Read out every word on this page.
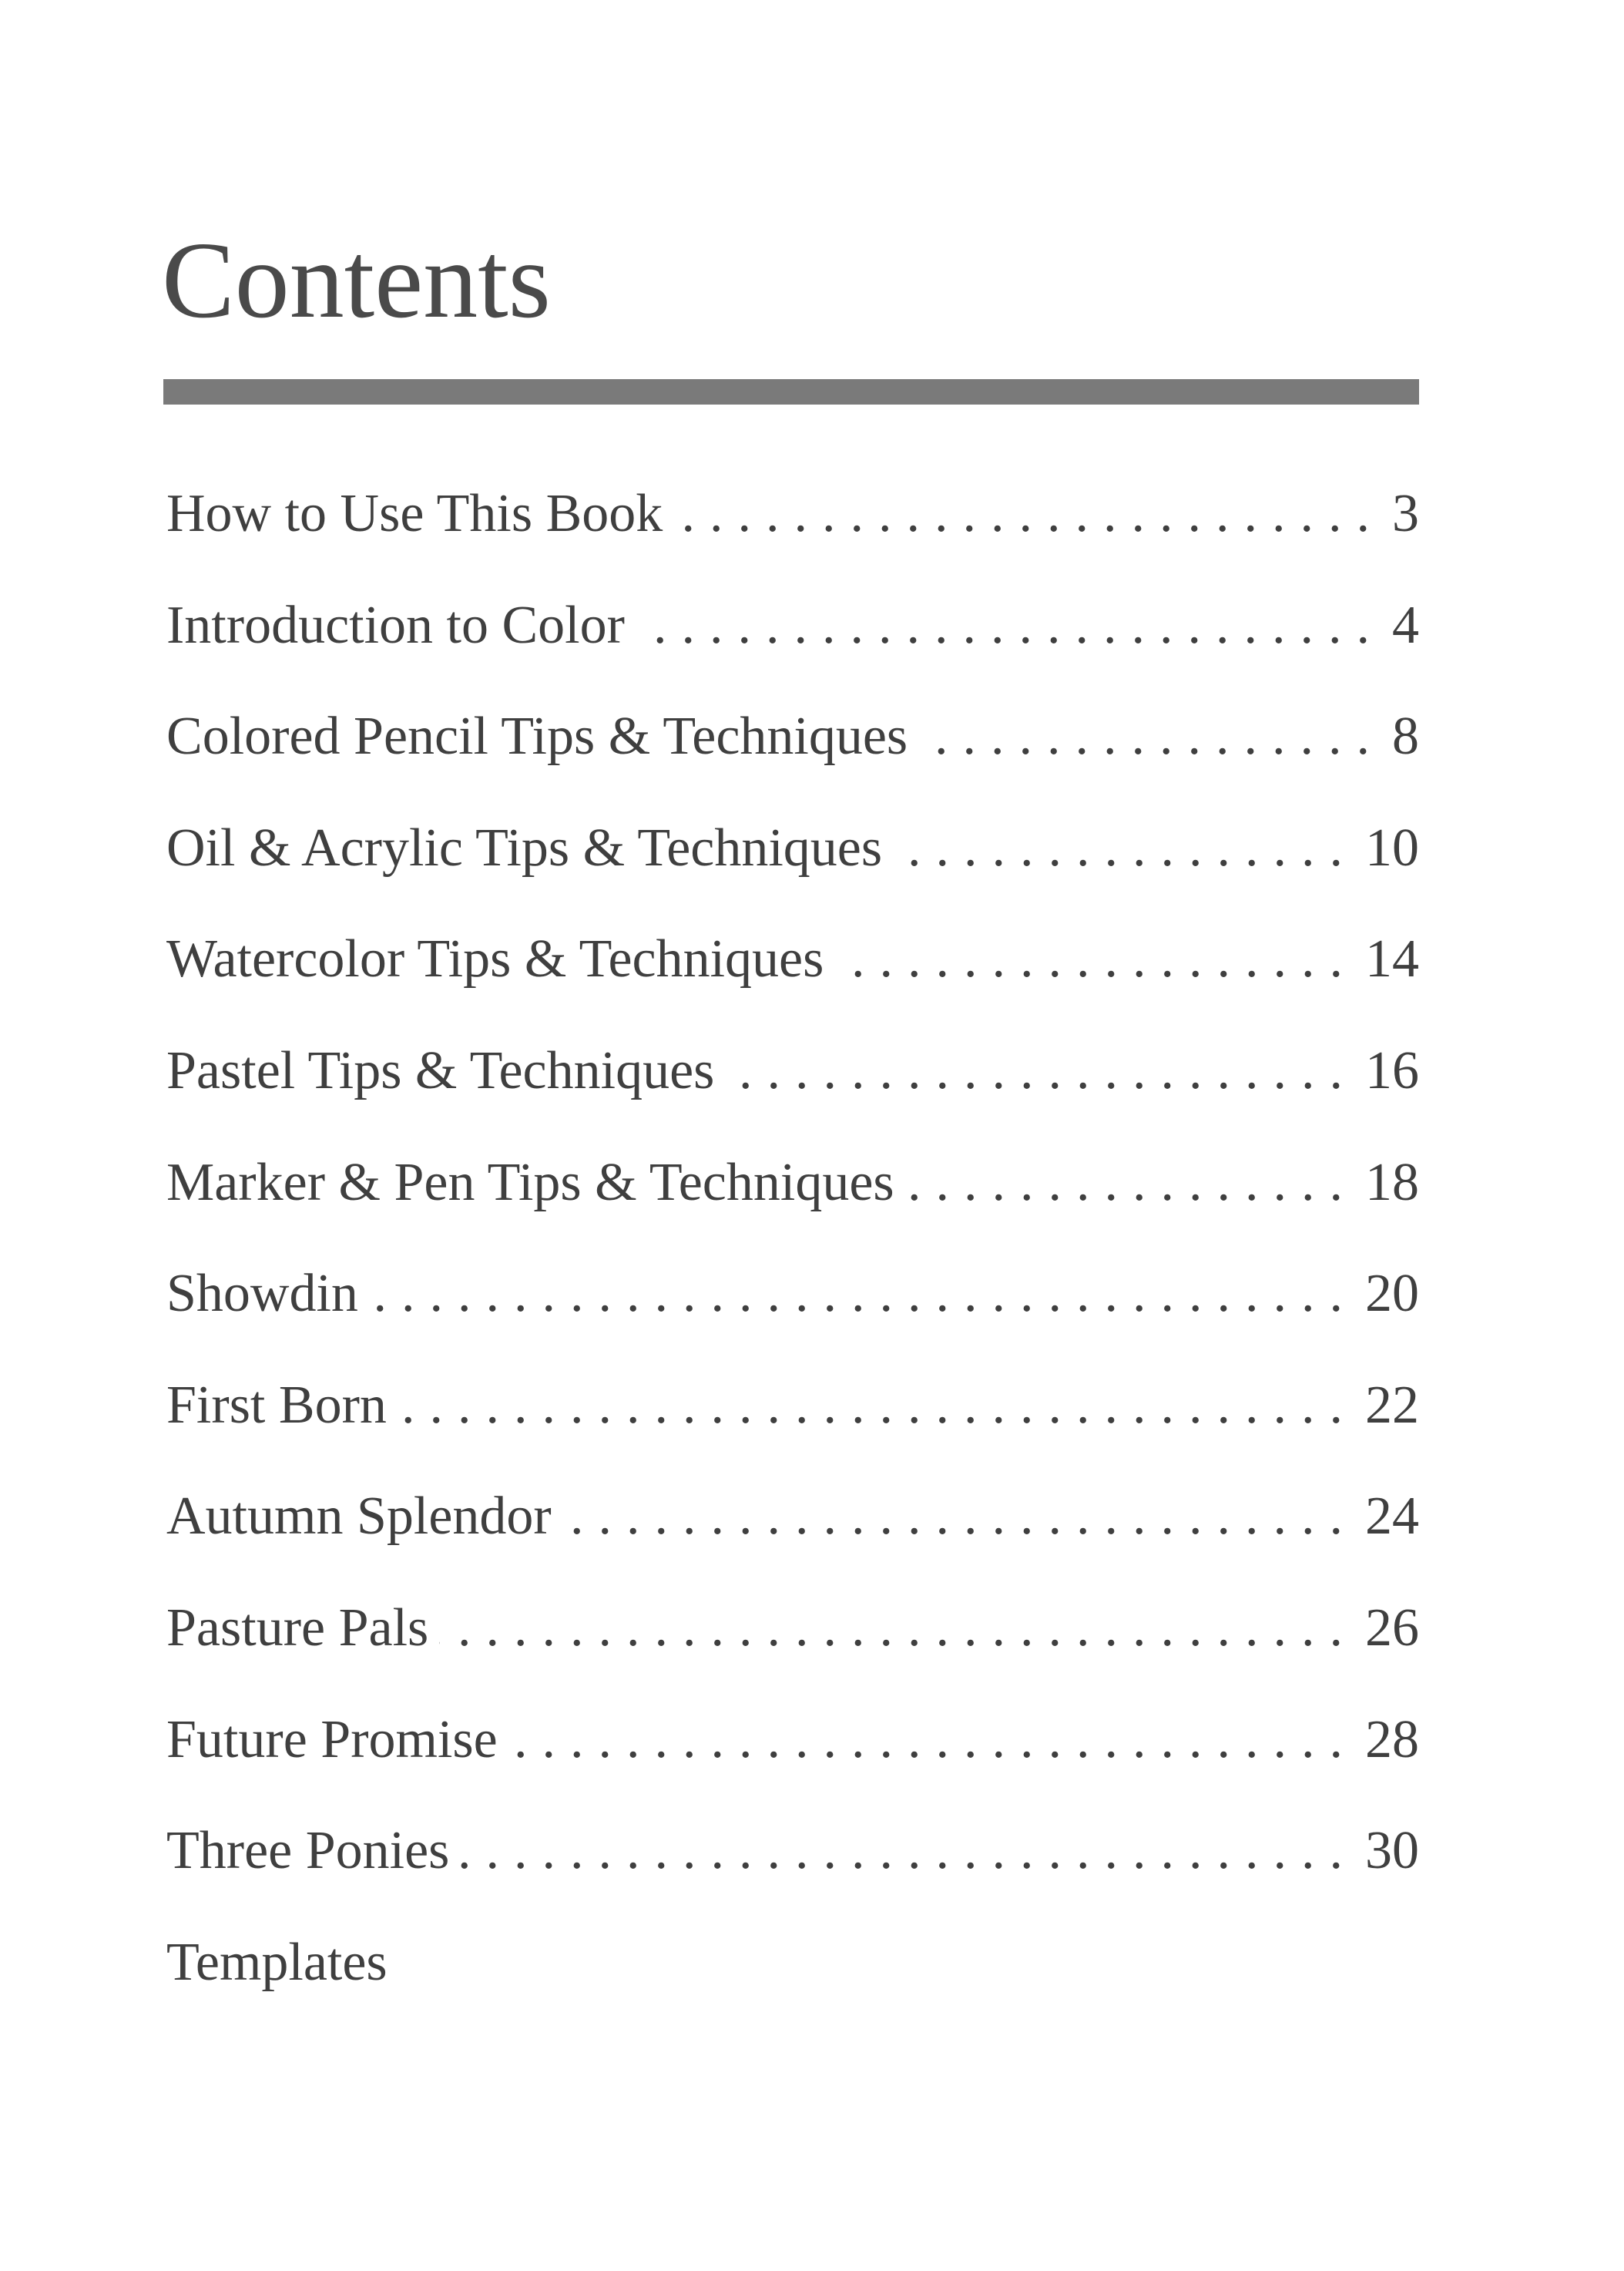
Contents
How to Use This Book .....	3
Introduction to Color .....	4
Colored Pencil Tips & Techniques .....	8
Oil & Acrylic Tips & Techniques .....	10
Watercolor Tips & Techniques .....	14
Pastel Tips & Techniques .....	16
Marker & Pen Tips & Techniques .....	18
Showdin .....	20
First Born .....	22
Autumn Splendor .....	24
Pasture Pals .....	26
Future Promise .....	28
Three Ponies .....	30
Templates
